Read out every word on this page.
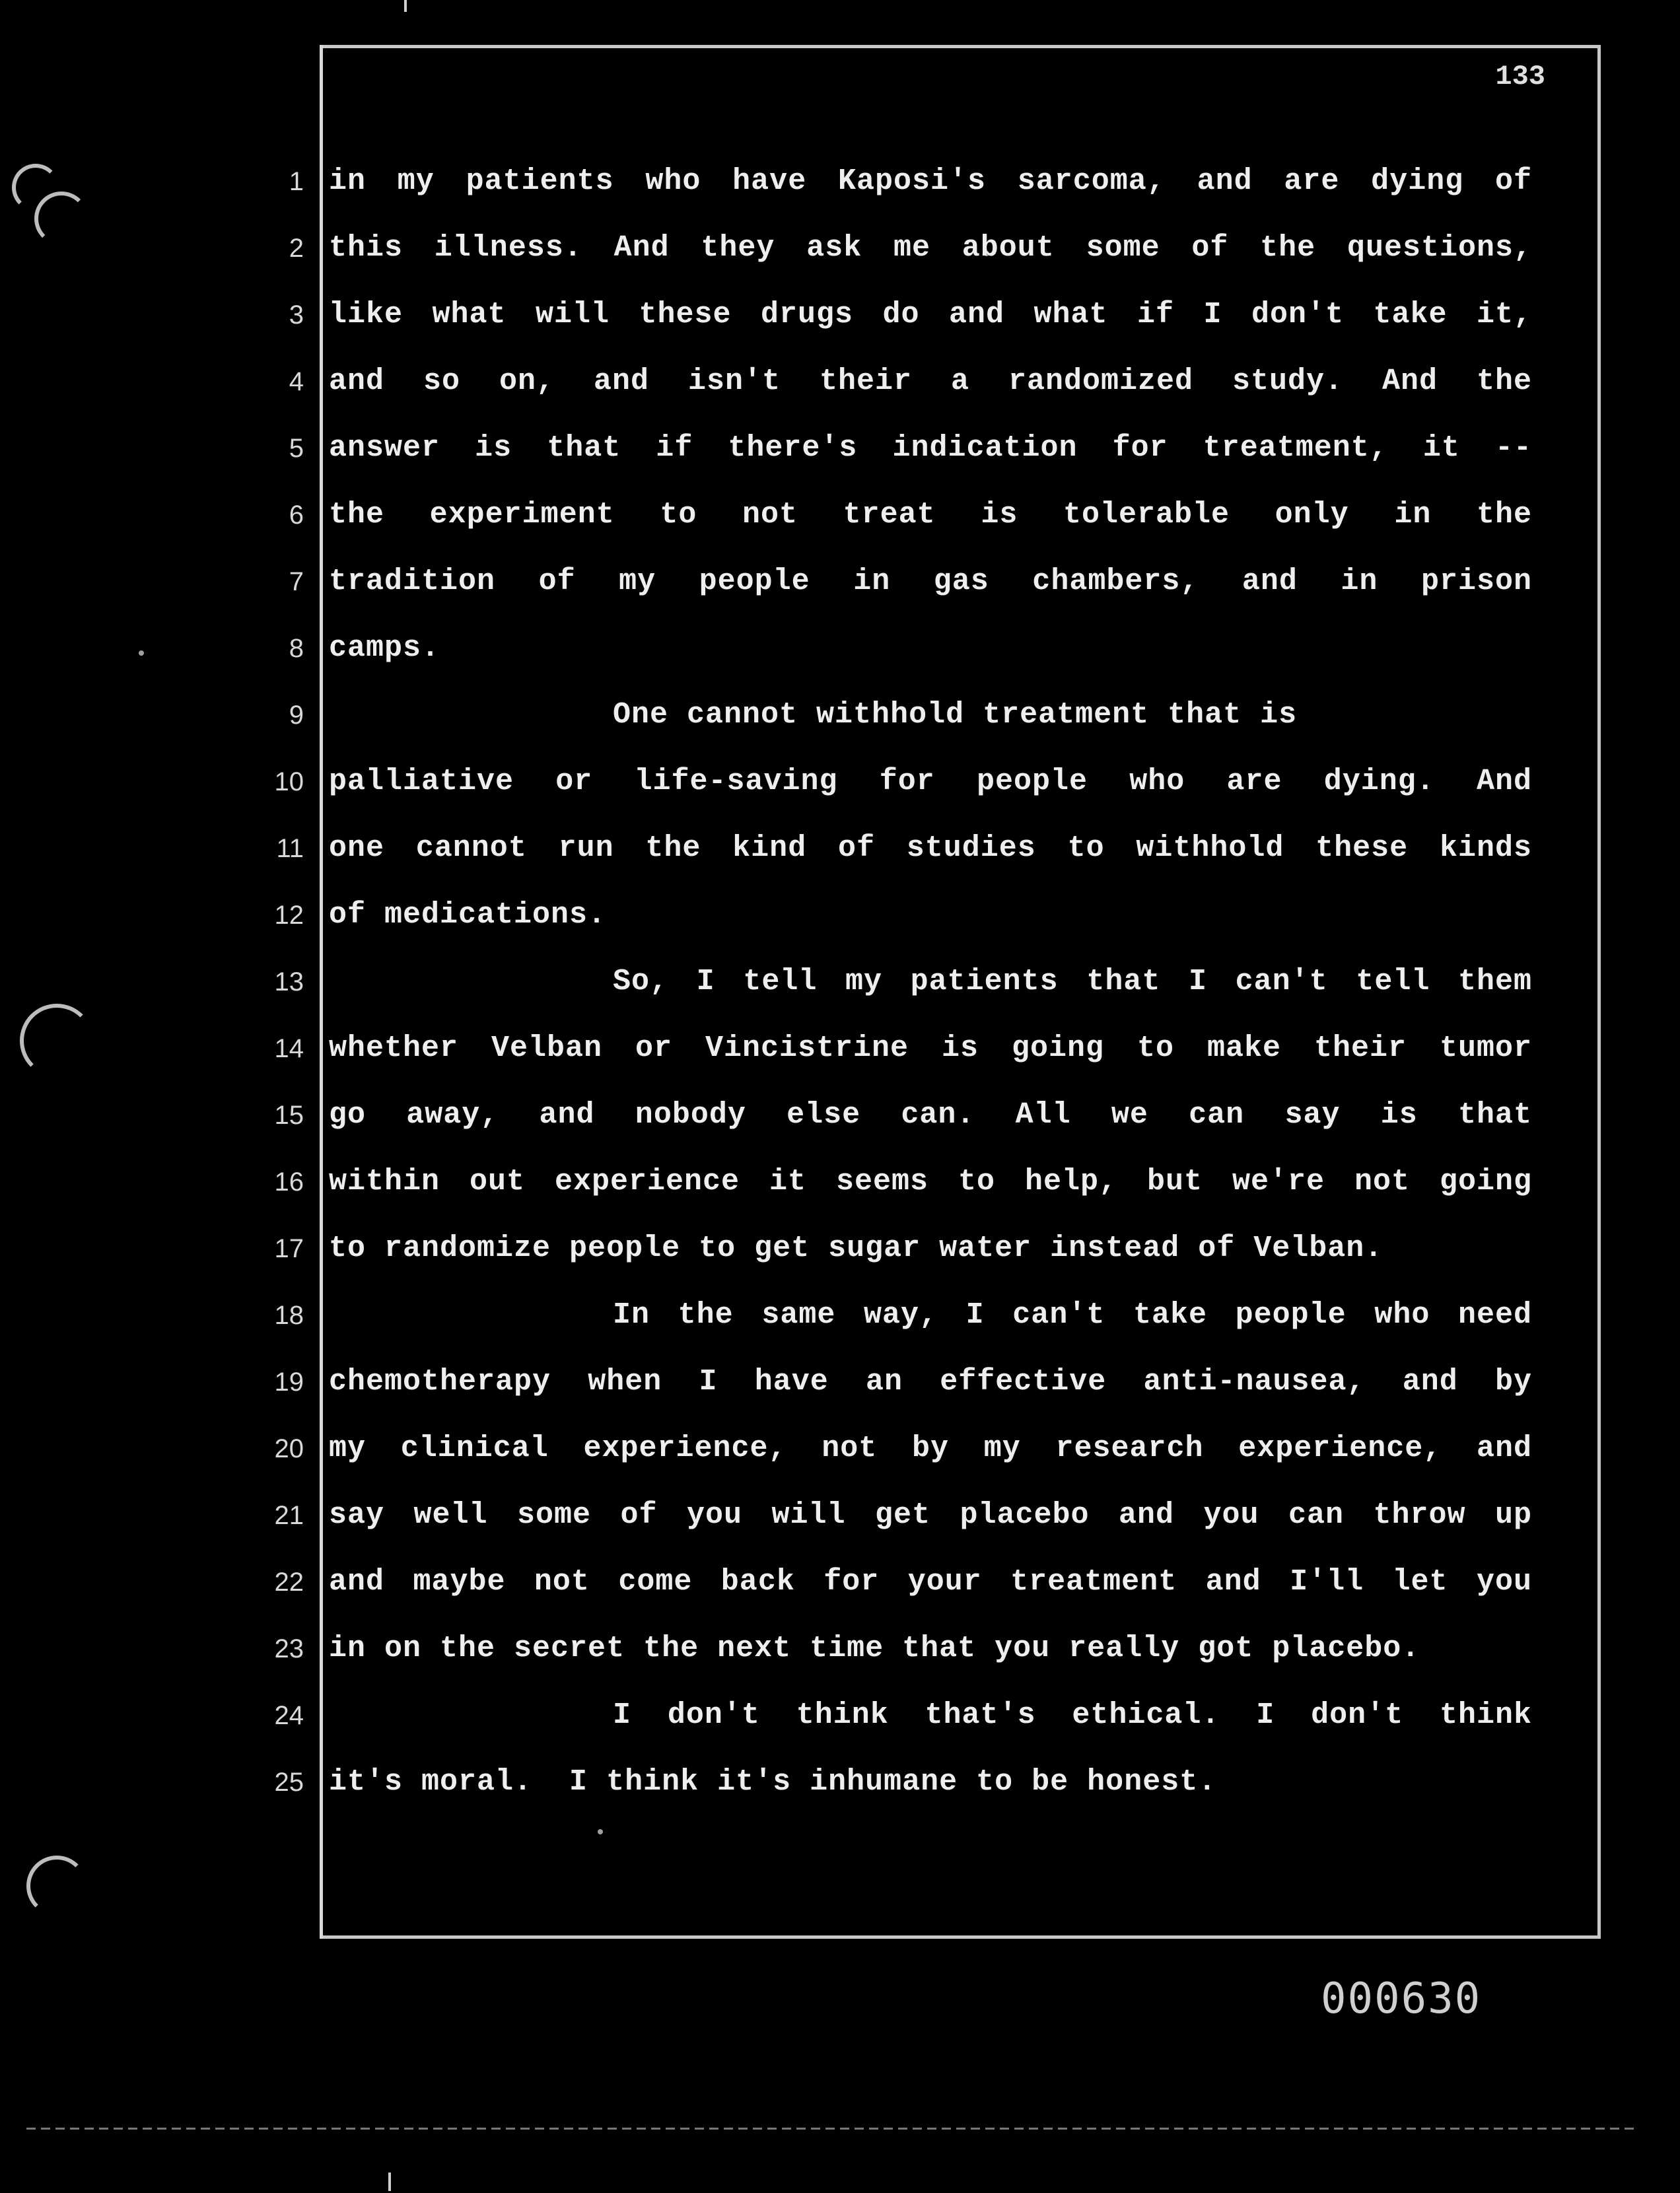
133
1
2
3
4
5
6
7
8
9
10
11
12
13
14
15
16
17
18
19
20
21
22
23
24
25
in my patients who have Kaposi's sarcoma, and are dying of
this illness. And they ask me about some of the questions,
like what will these drugs do and what if I don't take it,
and so on, and isn't their a randomized study. And the
answer is that if there's indication for treatment, it --
the experiment to not treat is tolerable only in the
tradition of my people in gas chambers, and in prison
camps.
One cannot withhold treatment that is
palliative or life-saving for people who are dying. And
one cannot run the kind of studies to withhold these kinds
of medications.
So, I tell my patients that I can't tell them
whether Velban or Vincistrine is going to make their tumor
go away, and nobody else can. All we can say is that
within out experience it seems to help, but we're not going
to randomize people to get sugar water instead of Velban.
In the same way, I can't take people who need
chemotherapy when I have an effective anti-nausea, and by
my clinical experience, not by my research experience, and
say well some of you will get placebo and you can throw up
and maybe not come back for your treatment and I'll let you
in on the secret the next time that you really got placebo.
I don't think that's ethical. I don't think
it's moral.  I think it's inhumane to be honest.
000630
